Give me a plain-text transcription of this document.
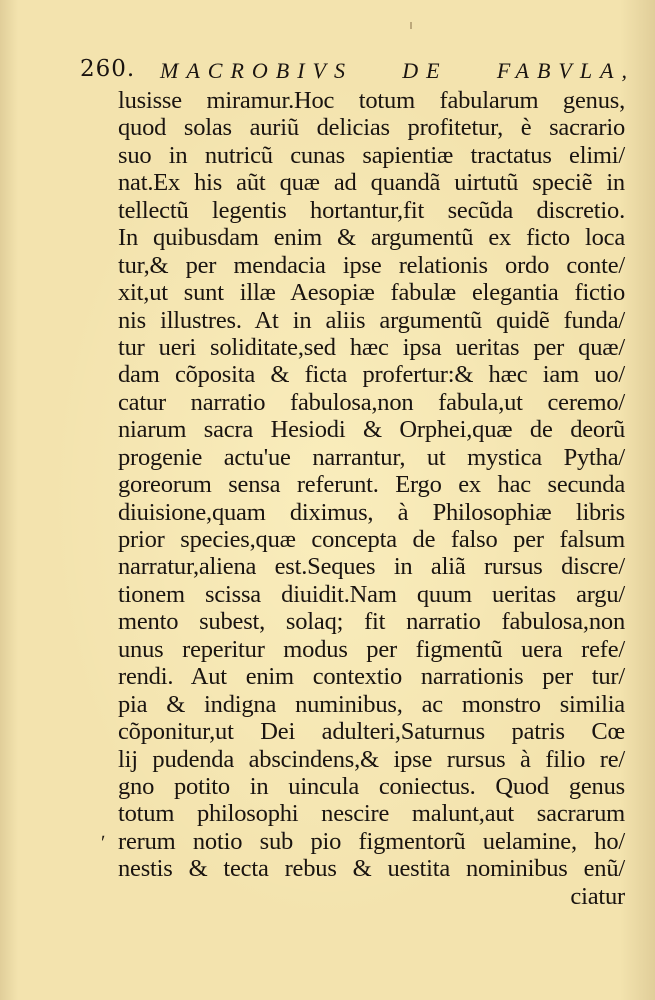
260. MACROBIVS DE FABVLA,
ʹ
lusisse miramur.Hoc totum fabularum genus,
quod solas auriũ delicias profitetur, è sacrario
suo in nutricũ cunas sapientiæ tractatus elimi/
nat.Ex his aũt quæ ad quandã uirtutũ speciẽ in
tellectũ legentis hortantur,fit secũda discretio.
In quibusdam enim & argumentũ ex ficto loca
tur,& per mendacia ipse relationis ordo conte/
xit,ut sunt illæ Aesopiæ fabulæ elegantia fictio
nis illustres. At in aliis argumentũ quidẽ funda/
tur ueri soliditate,sed hæc ipsa ueritas per quæ/
dam cõposita & ficta profertur:& hæc iam uo/
catur narratio fabulosa,non fabula,ut ceremo/
niarum sacra Hesiodi & Orphei,quæ de deorũ
progenie actu'ue narrantur, ut mystica Pytha/
goreorum sensa referunt. Ergo ex hac secunda
diuisione,quam diximus, à Philosophiæ libris
prior species,quæ concepta de falso per falsum
narratur,aliena est.Seques in aliã rursus discre/
tionem scissa diuidit.Nam quum ueritas argu/
mento subest, solaq; fit narratio fabulosa,non
unus reperitur modus per figmentũ uera refe/
rendi. Aut enim contextio narrationis per tur/
pia & indigna numinibus, ac monstro similia
cõponitur,ut Dei adulteri,Saturnus patris Cœ
lij pudenda abscindens,& ipse rursus à filio re/
gno potito in uincula coniectus. Quod genus
totum philosophi nescire malunt,aut sacrarum
rerum notio sub pio figmentorũ uelamine, ho/
nestis & tecta rebus & uestita nominibus enũ/
ciatur
